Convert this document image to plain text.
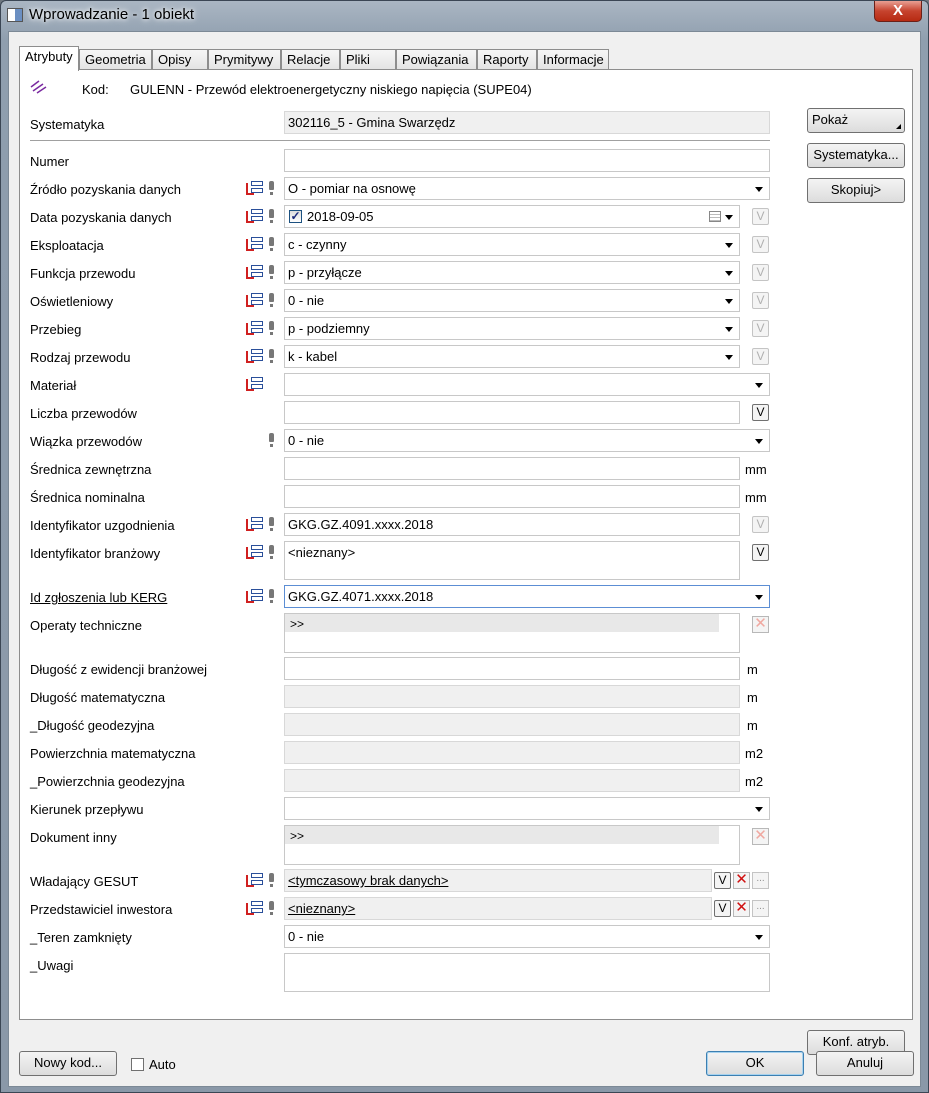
Wprowadzanie - 1 obiekt	X
Atrybuty Geometria Opisy	Prymitywy	Relacje	Pliki	Powiązania	Raporty	Informacje
Kod: GULENN - Przewód elektroenergetyczny niskiego napięcia (SUPE04)
Systematyka	302116_5 - Gmina Swarzędz
Numer
Źródło pozyskania danych	O - pomiar na osnowę
Data pozyskania danych	✓ 2018-09-05	V
Eksploatacja	c - czynny	V
Funkcja przewodu	p - przyłącze	V
Oświetleniowy	0 - nie	V
Przebieg	p - podziemny	V
Rodzaj przewodu	k - kabel	V
Materiał
Liczba przewodów	V
Wiązka przewodów	0 - nie
Średnica zewnętrzna	mm
Średnica nominalna	mm
Identyfikator uzgodnienia	GKG.GZ.4091.xxxx.2018	V
Identyfikator branżowy	<nieznany>	V
Id zgłoszenia lub KERG	GKG.GZ.4071.xxxx.2018
Operaty techniczne	>>	✕
Długość z ewidencji branżowej	m
Długość matematyczna	m
_Długość geodezyjna	m
Powierzchnia matematyczna	m2
_Powierzchnia geodezyjna	m2
Kierunek przepływu
Dokument inny	>>	✕
Władający GESUT	<tymczasowy brak danych>	V ✕ ...
Przedstawiciel inwestora	<nieznany>	V ✕ ...
_Teren zamknięty	0 - nie
_Uwagi
Pokaż
Systematyka...
Skopiuj>
Konf. atryb.
Nowy kod...	Auto	OK	Anuluj
